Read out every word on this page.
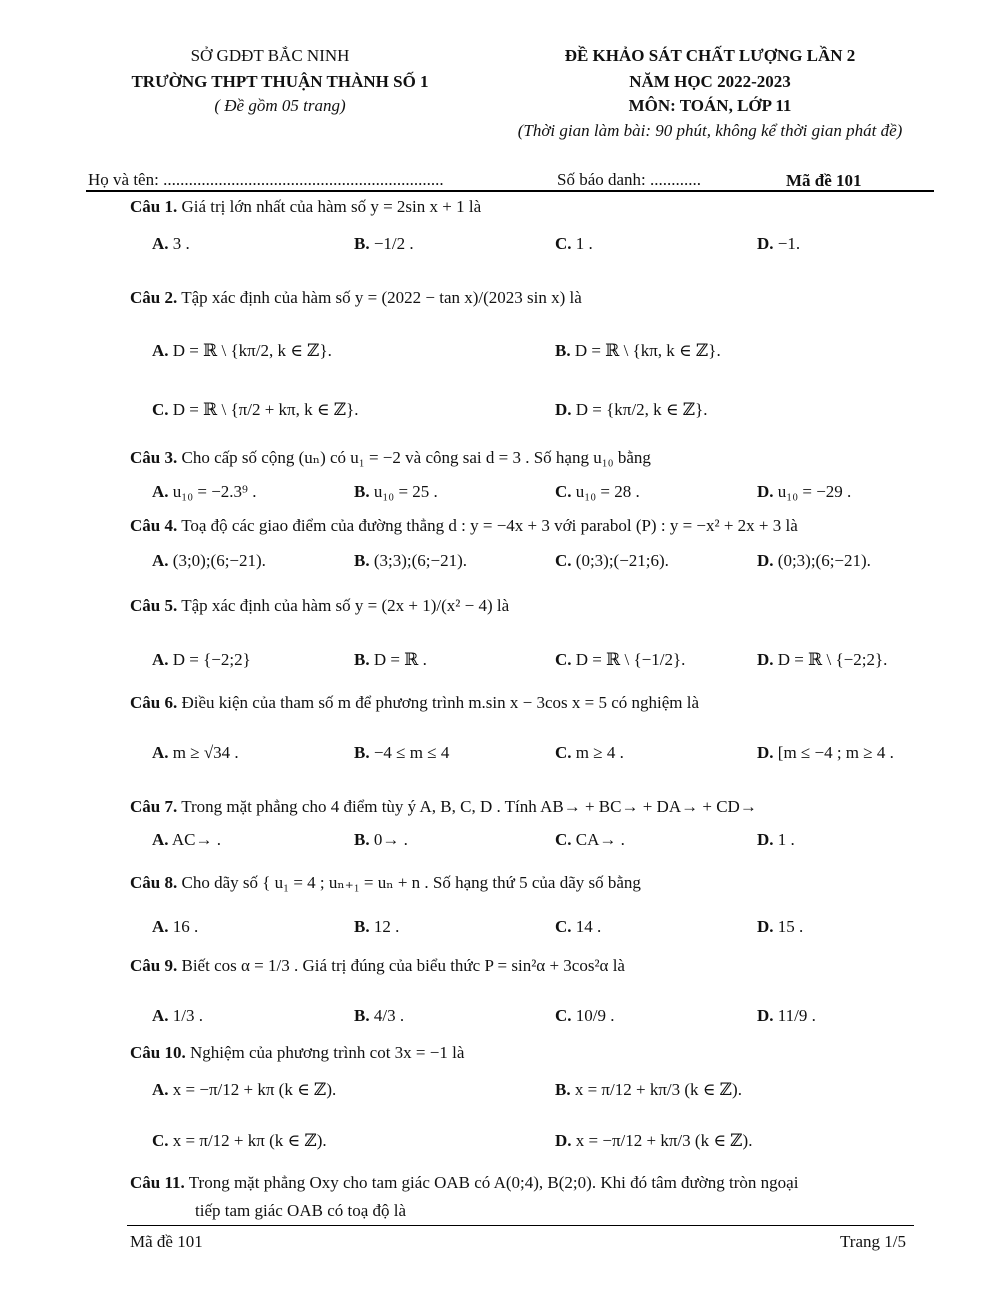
SỞ GDĐT BẮC NINH
TRƯỜNG THPT THUẬN THÀNH SỐ 1
( Đề gồm 05 trang)
ĐỀ KHẢO SÁT CHẤT LƯỢNG LẦN 2
NĂM HỌC 2022-2023
MÔN: TOÁN, LỚP 11
(Thời gian làm bài: 90 phút, không kể thời gian phát đề)
Họ và tên: ..................................................................	Số báo danh: ............	Mã đề 101
Câu 1. Giá trị lớn nhất của hàm số y = 2sin x + 1 là
A. 3 .	B. −1/2 .	C. 1 .	D. −1.
Câu 2. Tập xác định của hàm số y = (2022 − tan x)/(2023 sin x) là
A. D = ℝ \ {kπ/2, k ∈ ℤ}.	B. D = ℝ \ {kπ, k ∈ ℤ}.
C. D = ℝ \ {π/2 + kπ, k ∈ ℤ}.	D. D = {kπ/2, k ∈ ℤ}.
Câu 3. Cho cấp số cộng (uₙ) có u₁ = −2 và công sai d = 3 . Số hạng u₁₀ bằng
A. u₁₀ = −2.3⁹ .	B. u₁₀ = 25 .	C. u₁₀ = 28 .	D. u₁₀ = −29 .
Câu 4. Toạ độ các giao điểm của đường thẳng d : y = −4x + 3 với parabol (P) : y = −x² + 2x + 3 là
A. (3;0);(6;−21).	B. (3;3);(6;−21).	C. (0;3);(−21;6).	D. (0;3);(6;−21).
Câu 5. Tập xác định của hàm số y = (2x + 1)/(x² − 4) là
A. D = {−2;2}	B. D = ℝ .	C. D = ℝ \ {−1/2}.	D. D = ℝ \ {−2;2}.
Câu 6. Điều kiện của tham số m để phương trình m.sin x − 3cos x = 5 có nghiệm là
A. m ≥ √34 .	B. −4 ≤ m ≤ 4	C. m ≥ 4 .	D. [m ≤ −4 ; m ≥ 4 .
Câu 7. Trong mặt phẳng cho 4 điểm tùy ý A, B, C, D . Tính AB→ + BC→ + DA→ + CD→
A. AC→ .	B. 0→ .	C. CA→ .	D. 1 .
Câu 8. Cho dãy số { u₁ = 4 ; uₙ₊₁ = uₙ + n . Số hạng thứ 5 của dãy số bằng
A. 16 .	B. 12 .	C. 14 .	D. 15 .
Câu 9. Biết cos α = 1/3 . Giá trị đúng của biểu thức P = sin²α + 3cos²α là
A. 1/3 .	B. 4/3 .	C. 10/9 .	D. 11/9 .
Câu 10. Nghiệm của phương trình cot 3x = −1 là
A. x = −π/12 + kπ (k ∈ ℤ).	B. x = π/12 + kπ/3 (k ∈ ℤ).
C. x = π/12 + kπ (k ∈ ℤ).	D. x = −π/12 + kπ/3 (k ∈ ℤ).
Câu 11. Trong mặt phẳng Oxy cho tam giác OAB có A(0;4), B(2;0). Khi đó tâm đường tròn ngoại
tiếp tam giác OAB có toạ độ là
Mã đề 101	Trang 1/5
